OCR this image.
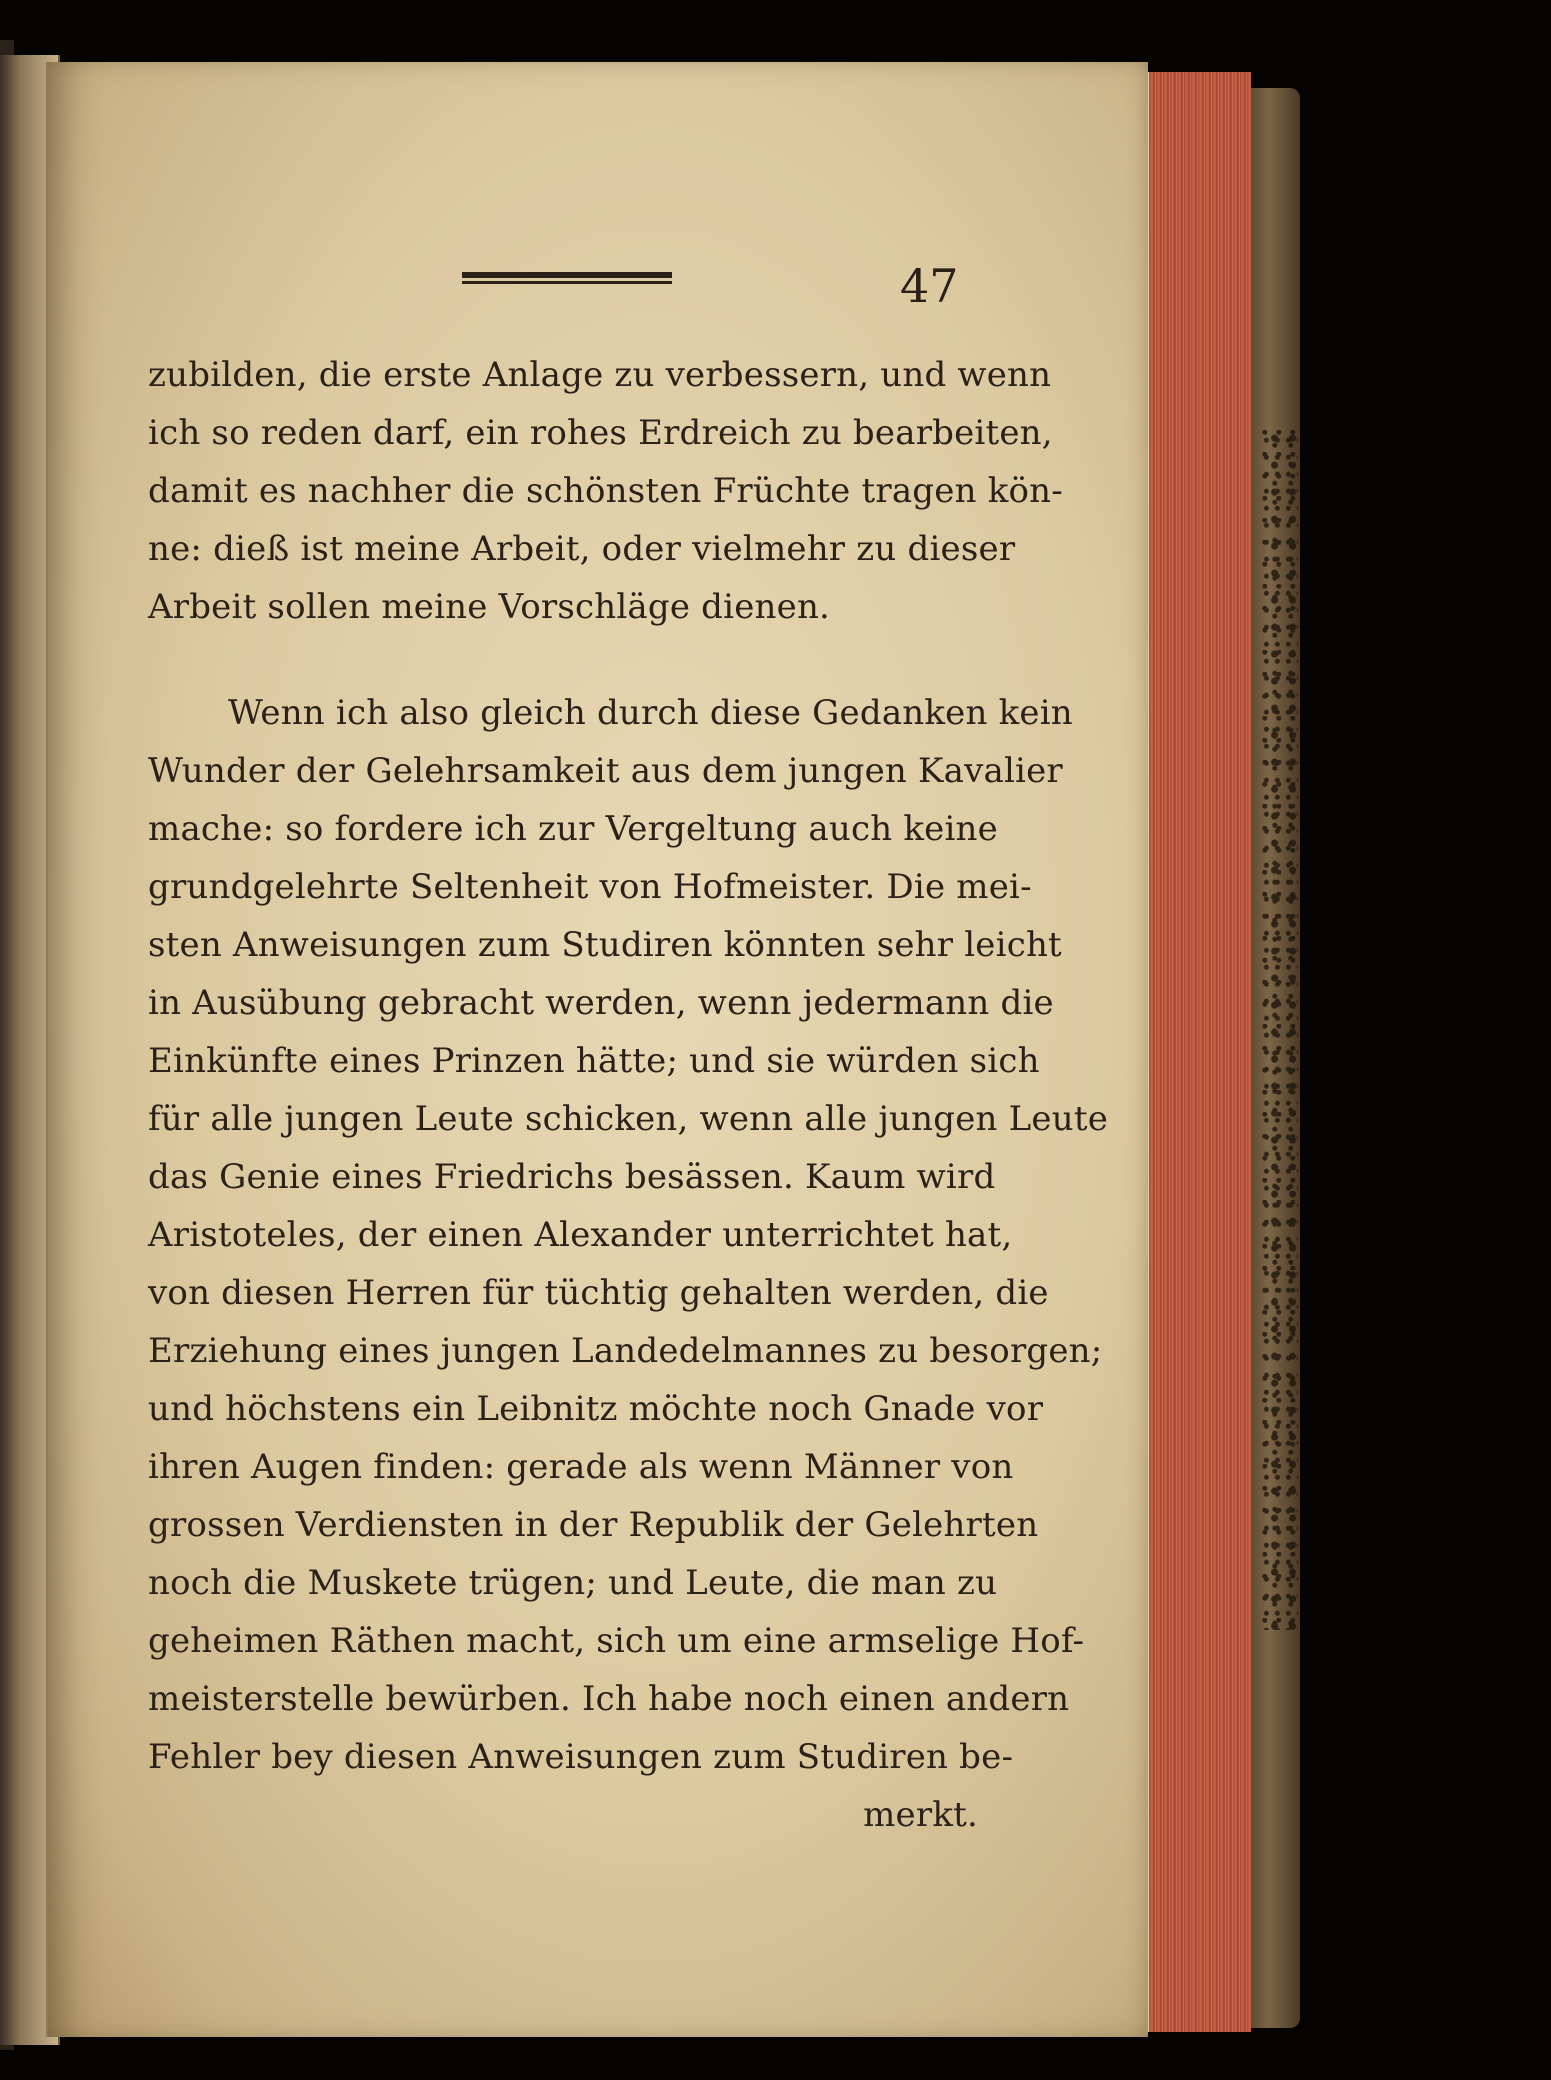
47
zubilden, die erste Anlage zu verbessern, und wenn
ich so reden darf, ein rohes Erdreich zu bearbeiten,
damit es nachher die schönsten Früchte tragen kön-
ne: dieß ist meine Arbeit, oder vielmehr zu dieser
Arbeit sollen meine Vorschläge dienen.
Wenn ich also gleich durch diese Gedanken kein
Wunder der Gelehrsamkeit aus dem jungen Kavalier
mache: so fordere ich zur Vergeltung auch keine
grundgelehrte Seltenheit von Hofmeister. Die mei-
sten Anweisungen zum Studiren könnten sehr leicht
in Ausübung gebracht werden, wenn jedermann die
Einkünfte eines Prinzen hätte; und sie würden sich
für alle jungen Leute schicken, wenn alle jungen Leute
das Genie eines Friedrichs besässen. Kaum wird
Aristoteles, der einen Alexander unterrichtet hat,
von diesen Herren für tüchtig gehalten werden, die
Erziehung eines jungen Landedelmannes zu besorgen;
und höchstens ein Leibnitz möchte noch Gnade vor
ihren Augen finden: gerade als wenn Männer von
grossen Verdiensten in der Republik der Gelehrten
noch die Muskete trügen; und Leute, die man zu
geheimen Räthen macht, sich um eine armselige Hof-
meisterstelle bewürben. Ich habe noch einen andern
Fehler bey diesen Anweisungen zum Studiren be-
merkt.
